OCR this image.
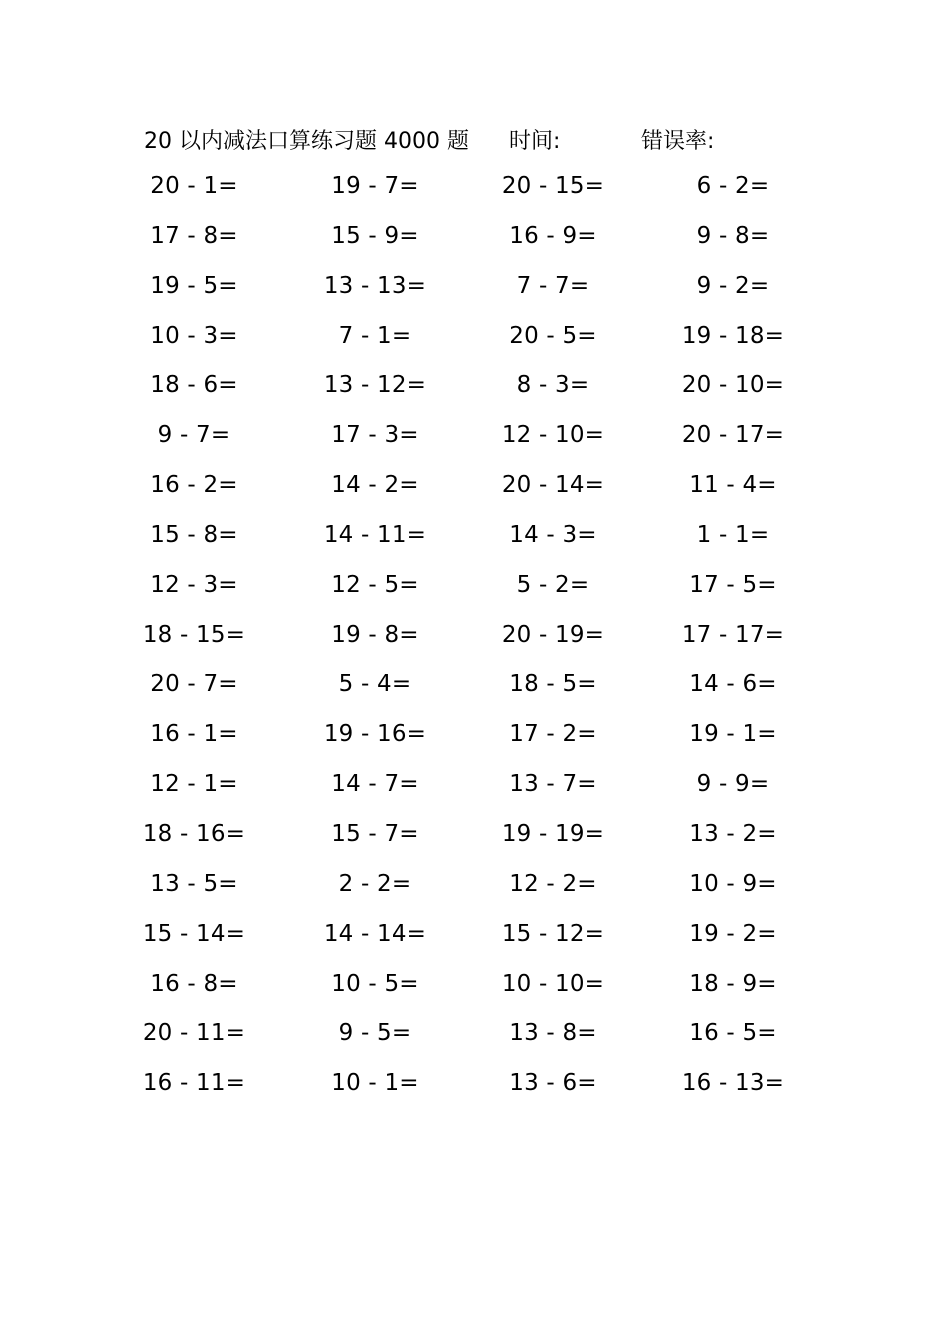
20 以内减法口算练习题 4000 题 时间:	错误率:
20 - 1=	19 - 7=	20 - 15=	6 - 2=
17 - 8=	15 - 9=	16 - 9=	9 - 8=
19 - 5=	13 - 13=	7 - 7=	9 - 2=
10 - 3=	7 - 1=	20 - 5=	19 - 18=
18 - 6=	13 - 12=	8 - 3=	20 - 10=
9 - 7=	17 - 3=	12 - 10=	20 - 17=
16 - 2=	14 - 2=	20 - 14=	11 - 4=
15 - 8=	14 - 11=	14 - 3=	1 - 1=
12 - 3=	12 - 5=	5 - 2=	17 - 5=
18 - 15=	19 - 8=	20 - 19=	17 - 17=
20 - 7=	5 - 4=	18 - 5=	14 - 6=
16 - 1=	19 - 16=	17 - 2=	19 - 1=
12 - 1=	14 - 7=	13 - 7=	9 - 9=
18 - 16=	15 - 7=	19 - 19=	13 - 2=
13 - 5=	2 - 2=	12 - 2=	10 - 9=
15 - 14=	14 - 14=	15 - 12=	19 - 2=
16 - 8=	10 - 5=	10 - 10=	18 - 9=
20 - 11=	9 - 5=	13 - 8=	16 - 5=
16 - 11=	10 - 1=	13 - 6=	16 - 13=
